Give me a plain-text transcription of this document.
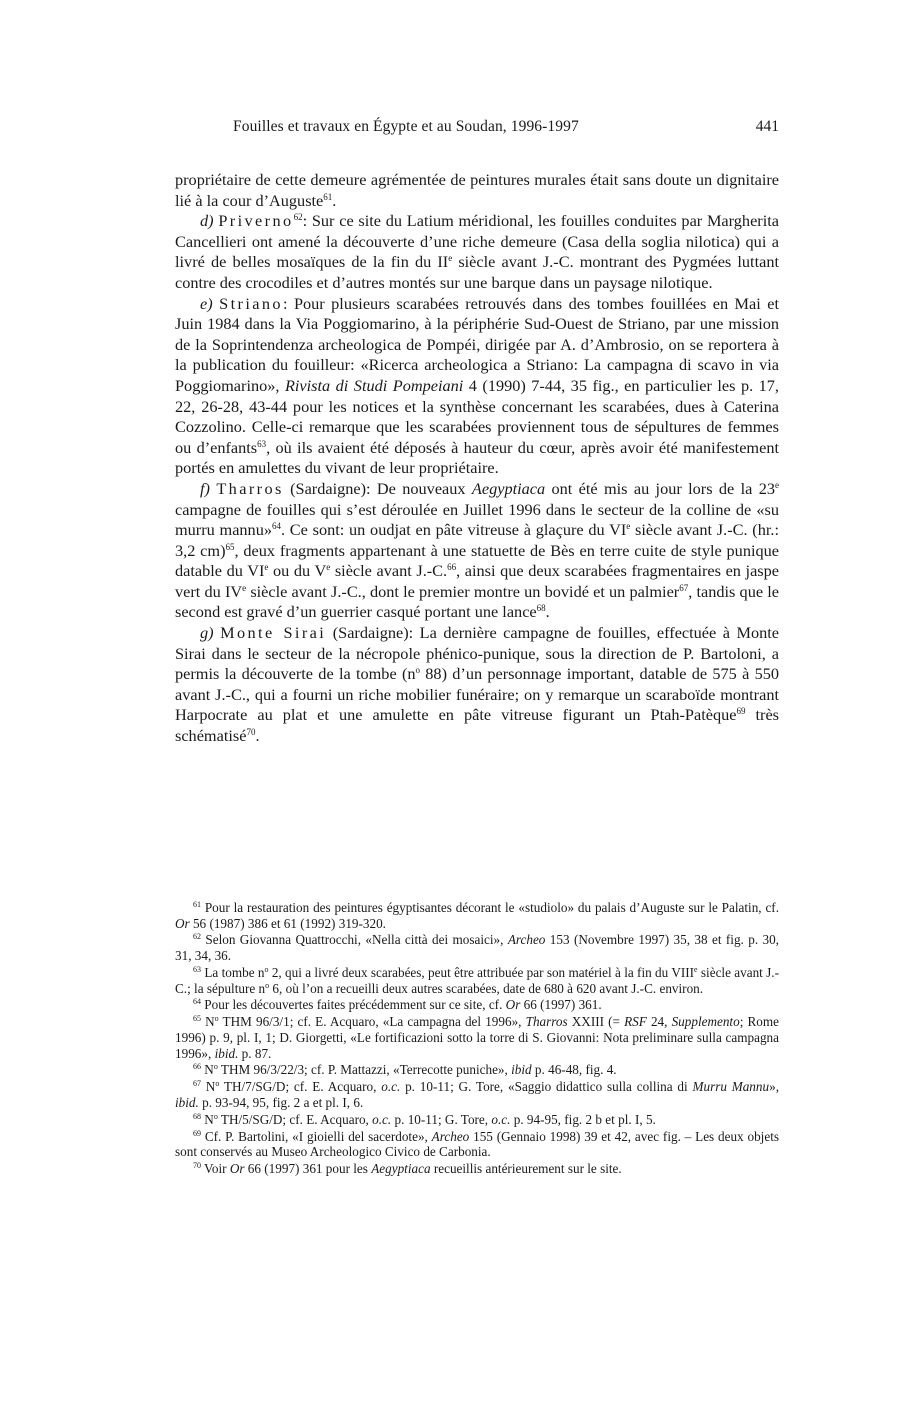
Fouilles et travaux en Égypte et au Soudan, 1996-1997	441

propriétaire de cette demeure agrémentée de peintures murales était sans doute un dignitaire lié à la cour d’Auguste$^{61}$.

d) Priverno$^{62}$: Sur ce site du Latium méridional, les fouilles conduites par Margherita Cancellieri ont amené la découverte d’une riche demeure (Casa della soglia nilotica) qui a livré de belles mosaïques de la fin du IIe siècle avant J.-C. montrant des Pygmées luttant contre des crocodiles et d’autres montés sur une barque dans un paysage nilotique.

e) Striano: Pour plusieurs scarabées retrouvés dans des tombes fouillées en Mai et Juin 1984 dans la Via Poggiomarino, à la périphérie Sud-Ouest de Striano, par une mission de la Soprintendenza archeologica de Pompéi, dirigée par A. d’Ambrosio, on se reportera à la publication du fouilleur: «Ricerca archeologica a Striano: La campagna di scavo in via Poggiomarino», Rivista di Studi Pompeiani 4 (1990) 7-44, 35 fig., en particulier les p. 17, 22, 26-28, 43-44 pour les notices et la synthèse concernant les scarabées, dues à Caterina Cozzolino. Celle-ci remarque que les scarabées proviennent tous de sépultures de femmes ou d’enfants$^{63}$, où ils avaient été déposés à hauteur du cœur, après avoir été manifestement portés en amulettes du vivant de leur propriétaire.

f) Tharros (Sardaigne): De nouveaux Aegyptiaca ont été mis au jour lors de la 23e campagne de fouilles qui s’est déroulée en Juillet 1996 dans le secteur de la colline de «su murru mannu»$^{64}$. Ce sont: un oudjat en pâte vitreuse à glaçure du VIe siècle avant J.-C. (hr.: 3,2 cm)$^{65}$, deux fragments appartenant à une statuette de Bès en terre cuite de style punique datable du VIe ou du Ve siècle avant J.-C.$^{66}$, ainsi que deux scarabées fragmentaires en jaspe vert du IVe siècle avant J.-C., dont le premier montre un bovidé et un palmier$^{67}$, tandis que le second est gravé d’un guerrier casqué portant une lance$^{68}$.

g) Monte Sirai (Sardaigne): La dernière campagne de fouilles, effectuée à Monte Sirai dans le secteur de la nécropole phénico-punique, sous la direction de P. Bartoloni, a permis la découverte de la tombe ($n^o$ 88) d’un personnage important, datable de 575 à 550 avant J.-C., qui a fourni un riche mobilier funéraire; on y remarque un scaraboïde montrant Harpocrate au plat et une amulette en pâte vitreuse figurant un Ptah-Patèque$^{69}$ très schématisé$^{70}$.

$^{61}$ Pour la restauration des peintures égyptisantes décorant le «studiolo» du palais d’Auguste sur le Palatin, cf. Or 56 (1987) 386 et 61 (1992) 319-320.

$^{62}$ Selon Giovanna Quattrocchi, «Nella città dei mosaici», Archeo 153 (Novembre 1997) 35, 38 et fig. p. 30, 31, 34, 36.

$^{63}$ La tombe $n^o$ 2, qui a livré deux scarabées, peut être attribuée par son matériel à la fin du VIIIe siècle avant J.-C.; la sépulture $n^o$ 6, où l’on a recueilli deux autres scarabées, date de 680 à 620 avant J.-C. environ.

$^{64}$ Pour les découvertes faites précédemment sur ce site, cf. Or 66 (1997) 361.

$^{65}$ $N^o$ THM 96/3/1; cf. E. Acquaro, «La campagna del 1996», Tharros XXIII (= RSF 24, Supplemento; Rome 1996) p. 9, pl. I, 1; D. Giorgetti, «Le fortificazioni sotto la torre di S. Giovanni: Nota preliminare sulla campagna 1996», ibid. p. 87.

$^{66}$ $N^o$ THM 96/3/22/3; cf. P. Mattazzi, «Terrecotte puniche», ibid p. 46-48, fig. 4.

$^{67}$ $N^o$ TH/7/SG/D; cf. E. Acquaro, o.c. p. 10-11; G. Tore, «Saggio didattico sulla collina di Murru Mannu», ibid. p. 93-94, 95, fig. 2 a et pl. I, 6.

$^{68}$ $N^o$ TH/5/SG/D; cf. E. Acquaro, o.c. p. 10-11; G. Tore, o.c. p. 94-95, fig. 2 b et pl. I, 5.

$^{69}$ Cf. P. Bartolini, «I gioielli del sacerdote», Archeo 155 (Gennaio 1998) 39 et 42, avec fig. – Les deux objets sont conservés au Museo Archeologico Civico de Carbonia.

$^{70}$ Voir Or 66 (1997) 361 pour les Aegyptiaca recueillis antérieurement sur le site.
